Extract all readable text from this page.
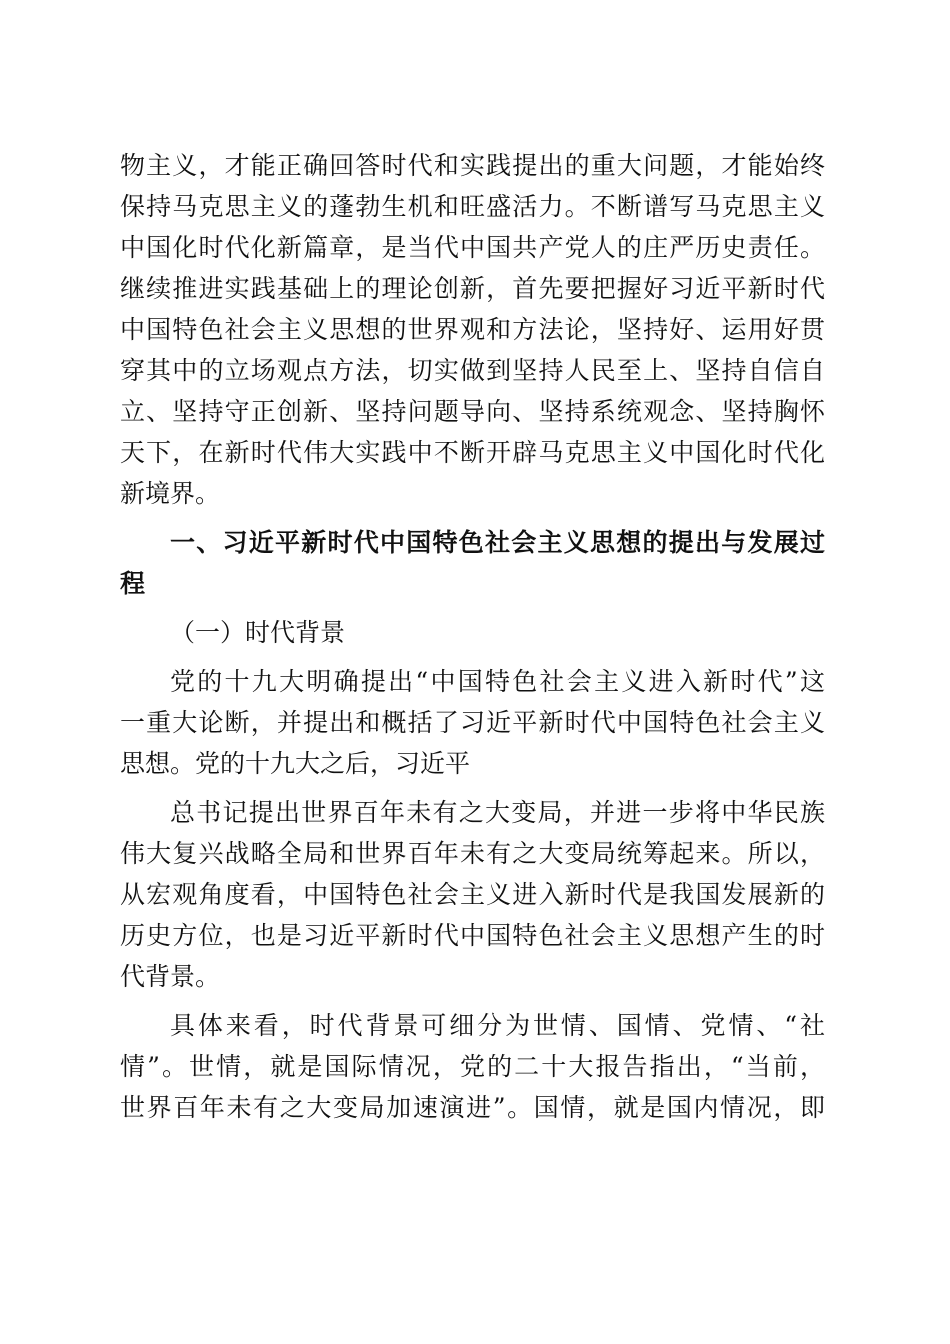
物主义，才能正确回答时代和实践提出的重大问题，才能始终
保持马克思主义的蓬勃生机和旺盛活力。不断谱写马克思主义
中国化时代化新篇章，是当代中国共产党人的庄严历史责任。
继续推进实践基础上的理论创新，首先要把握好习近平新时代
中国特色社会主义思想的世界观和方法论，坚持好、运用好贯
穿其中的立场观点方法，切实做到坚持人民至上、坚持自信自
立、坚持守正创新、坚持问题导向、坚持系统观念、坚持胸怀
天下，在新时代伟大实践中不断开辟马克思主义中国化时代化
新境界。
一、习近平新时代中国特色社会主义思想的提出与发展过
程
（一）时代背景
党的十九大明确提出“中国特色社会主义进入新时代”这
一重大论断，并提出和概括了习近平新时代中国特色社会主义
思想。党的十九大之后，习近平
总书记提出世界百年未有之大变局，并进一步将中华民族
伟大复兴战略全局和世界百年未有之大变局统筹起来。所以，
从宏观角度看，中国特色社会主义进入新时代是我国发展新的
历史方位，也是习近平新时代中国特色社会主义思想产生的时
代背景。
具体来看，时代背景可细分为世情、国情、党情、“社
情”。世情，就是国际情况，党的二十大报告指出，“当前，
世界百年未有之大变局加速演进”。国情，就是国内情况，即
